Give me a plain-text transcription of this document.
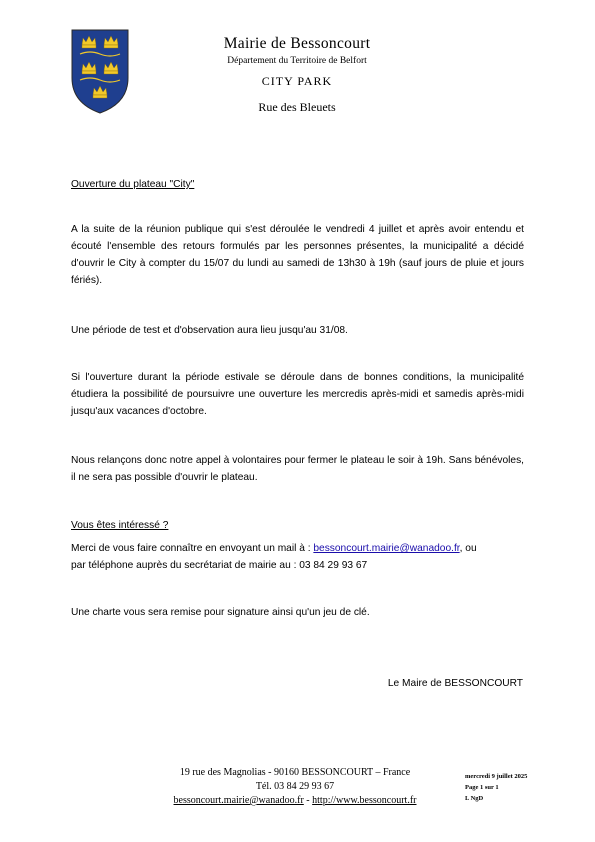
Mairie de Bessoncourt
Département du Territoire de Belfort
CITY PARK
Rue des Bleuets
Ouverture du plateau "City"
A la suite de la réunion publique qui s'est déroulée le vendredi 4 juillet et après avoir entendu et écouté l'ensemble des retours formulés par les personnes présentes, la municipalité a décidé d'ouvrir le City à compter du 15/07 du lundi au samedi de 13h30 à 19h (sauf jours de pluie et jours fériés).
Une période de test et d'observation aura lieu jusqu'au 31/08.
Si l'ouverture durant la période estivale se déroule dans de bonnes conditions, la municipalité étudiera la possibilité de poursuivre une ouverture les mercredis après-midi et samedis après-midi jusqu'aux vacances d'octobre.
Nous relançons donc notre appel à volontaires pour fermer le plateau le soir à 19h. Sans bénévoles, il ne sera pas possible d'ouvrir le plateau.
Vous êtes intéressé ?
Merci de vous faire connaître en envoyant un mail à : bessoncourt.mairie@wanadoo.fr, ou
par téléphone auprès du secrétariat de mairie au : 03 84 29 93 67
Une charte vous sera remise pour signature ainsi qu'un jeu de clé.
Le Maire de BESSONCOURT
19 rue des Magnolias - 90160 BESSONCOURT – France
Tél. 03 84 29 93 67
bessoncourt.mairie@wanadoo.fr - http://www.bessoncourt.fr
mercredi 9 juillet 2025
Page 1 sur 1
L NgD
